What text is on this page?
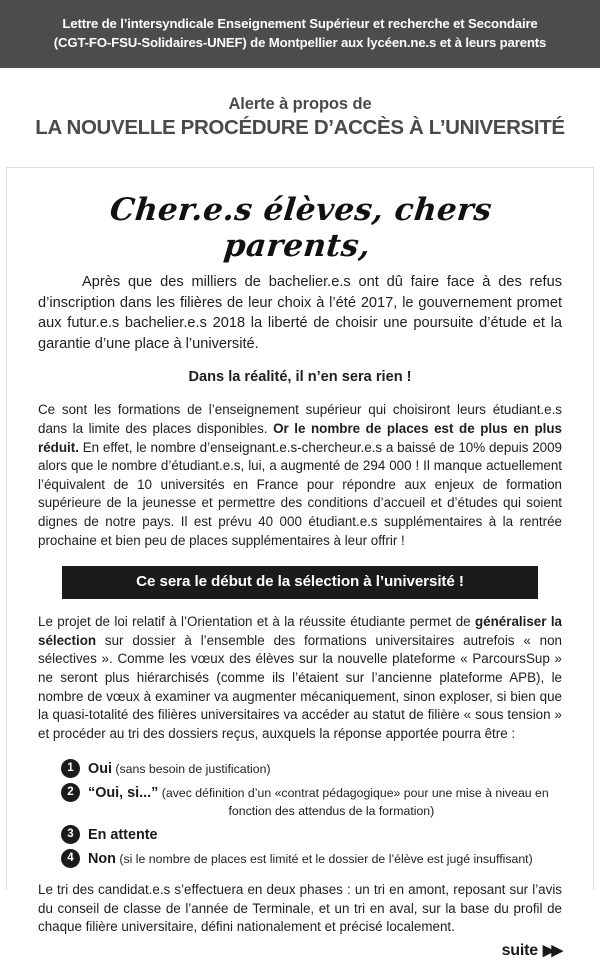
Lettre de l’intersyndicale Enseignement Supérieur et recherche et Secondaire
(CGT-FO-FSU-Solidaires-UNEF) de Montpellier aux lycéen.ne.s et à leurs parents
Alerte à propos de
LA NOUVELLE PROCÉDURE D’ACCÈS À L’UNIVERSITÉ
Cher.e.s élèves, chers parents,

Après que des milliers de bachelier.e.s ont dû faire face à des refus d’inscription dans les filières de leur choix à l’été 2017, le gouvernement promet aux futur.e.s bachelier.e.s 2018 la liberté de choisir une poursuite d’étude et la garantie d’une place à l’université.

Dans la réalité, il n’en sera rien !

Ce sont les formations de l’enseignement supérieur qui choisiront leurs étudiant.e.s dans la limite des places disponibles. Or le nombre de places est de plus en plus réduit. En effet, le nombre d’enseignant.e.s-chercheur.e.s a baissé de 10% depuis 2009 alors que le nombre d’étudiant.e.s, lui, a augmenté de 294 000 ! Il manque actuellement l’équivalent de 10 universités en France pour répondre aux enjeux de formation supérieure de la jeunesse et permettre des conditions d’accueil et d’études qui soient dignes de notre pays. Il est prévu 40 000 étudiant.e.s supplémentaires à la rentrée prochaine et bien peu de places supplémentaires à leur offrir !

Ce sera le début de la sélection à l’université !

Le projet de loi relatif à l’Orientation et à la réussite étudiante permet de généraliser la sélection sur dossier à l’ensemble des formations universitaires autrefois « non sélectives ». Comme les vœux des élèves sur la nouvelle plateforme « ParcoursSup » ne seront plus hiérarchisés (comme ils l’étaient sur l’ancienne plateforme APB), le nombre de vœux à examiner va augmenter mécaniquement, sinon exploser, si bien que la quasi-totalité des filières universitaires va accéder au statut de filière « sous tension » et procéder au tri des dossiers reçus, auxquels la réponse apportée pourra être :

1 Oui (sans besoin de justification)
2 “Oui, si...” (avec définition d’un «contrat pédagogique» pour une mise à niveau en
fonction des attendus de la formation)
3 En attente
4 Non (si le nombre de places est limité et le dossier de l’élève est jugé insuffisant)

Le tri des candidat.e.s s’effectuera en deux phases : un tri en amont, reposant sur l’avis du conseil de classe de l’année de Terminale, et un tri en aval, sur la base du profil de chaque filière universitaire, défini nationalement et précisé localement.

suite ▶▶
